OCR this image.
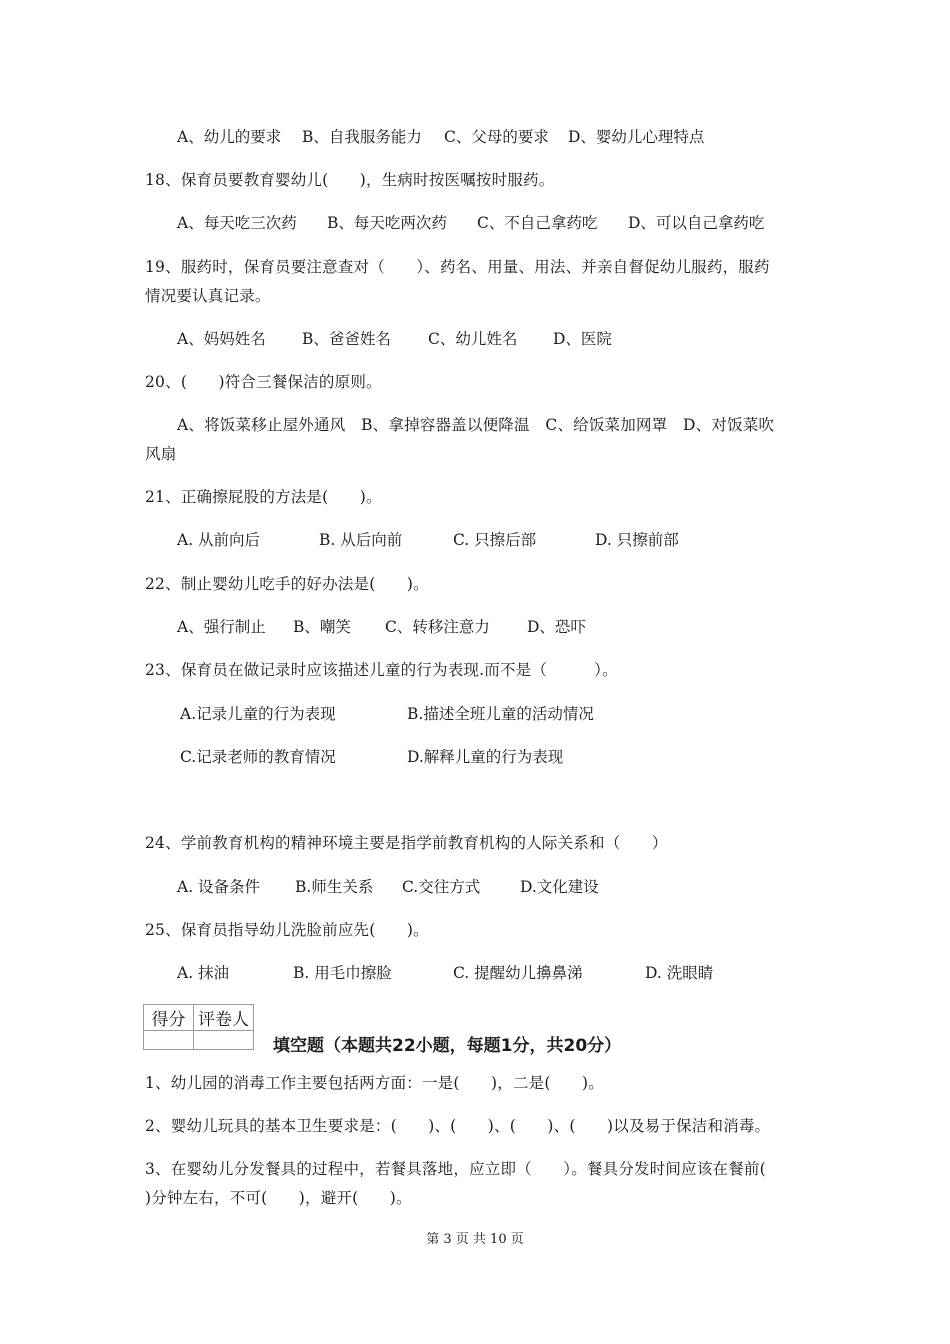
A、幼儿的要求 B、自我服务能力 C、父母的要求 D、婴幼儿心理特点
18、保育员要教育婴幼儿(　　)，生病时按医嘱按时服药。
A、每天吃三次药 B、每天吃两次药 C、不自己拿药吃 D、可以自己拿药吃
19、服药时，保育员要注意查对（　　）、药名、用量、用法、并亲自督促幼儿服药，服药
情况要认真记录。
A、妈妈姓名 B、爸爸姓名 C、幼儿姓名 D、医院
20、(　　)符合三餐保洁的原则。
A、将饭菜移止屋外通风　B、拿掉容器盖以便降温　C、给饭菜加网罩　D、对饭菜吹
风扇
21、正确擦屁股的方法是(　　)。
A. 从前向后	B. 从后向前	C. 只擦后部	D. 只擦前部
22、制止婴幼儿吃手的好办法是(　　)。
A、强行制止 B、嘲笑 C、转移注意力 D、恐吓
23、保育员在做记录时应该描述儿童的行为表现.而不是（　　　）。
A.记录儿童的行为表现	B.描述全班儿童的活动情况
C.记录老师的教育情况	D.解释儿童的行为表现
24、学前教育机构的精神环境主要是指学前教育机构的人际关系和（　　）
A. 设备条件 B.师生关系 C.交往方式	D.文化建设
25、保育员指导幼儿洗脸前应先(　　)。
A. 抹油	B. 用毛巾擦脸	C. 提醒幼儿擤鼻涕	D. 洗眼睛
得分	评卷人

填空题（本题共22小题，每题1分，共20分）
1、幼儿园的消毒工作主要包括两方面：一是(　　)，二是(　　)。
2、婴幼儿玩具的基本卫生要求是：(　　)、(　　)、(　　)、(　　)以及易于保洁和消毒。
3、在婴幼儿分发餐具的过程中，若餐具落地，应立即（　　）。餐具分发时间应该在餐前(
)分钟左右，不可(　　)，避开(　　)。
第 3 页 共 10 页
